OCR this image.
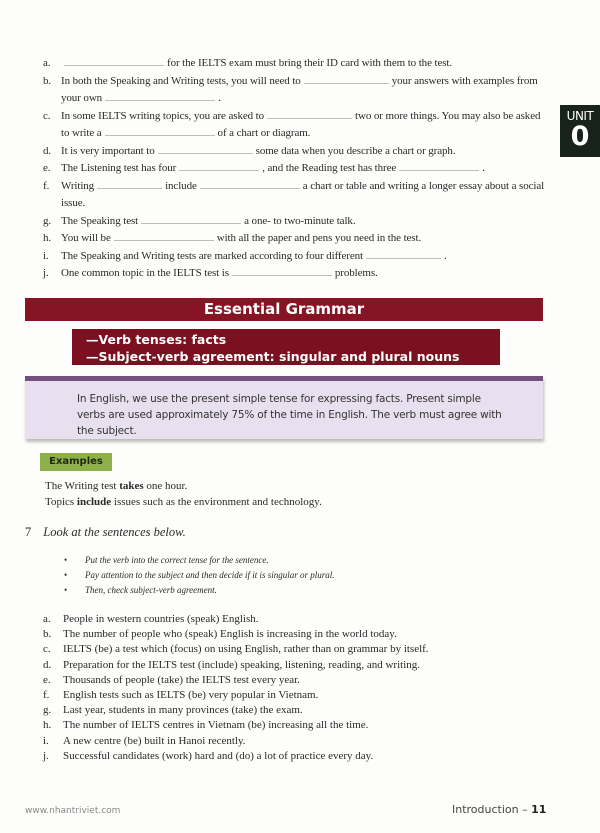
a.	for the IELTS exam must bring their ID card with them to the test.
b. In both the Speaking and Writing tests, you will need to	your answers with examples from your own	.
c. In some IELTS writing topics, you are asked to	two or more things. You may also be asked to write a	of a chart or diagram.
d. It is very important to	some data when you describe a chart or graph.
e. The Listening test has four	, and the Reading test has three	.
f. Writing	include	a chart or table and writing a longer essay about a social issue.
g. The Speaking test	a one- to two-minute talk.
h. You will be	with all the paper and pens you need in the test.
i. The Speaking and Writing tests are marked according to four different	.
j. One common topic in the IELTS test is	problems.
UNIT
0
Essential Grammar
—Verb tenses: facts
—Subject-verb agreement: singular and plural nouns

In English, we use the present simple tense for expressing facts. Present simple verbs are used approximately 75% of the time in English. The verb must agree with the subject.

Examples
The Writing test takes one hour.
Topics include issues such as the environment and technology.
7 Look at the sentences below.
• Put the verb into the correct tense for the sentence.
• Pay attention to the subject and then decide if it is singular or plural.
• Then, check subject-verb agreement.
a. People in western countries (speak) English.
b. The number of people who (speak) English is increasing in the world today.
c. IELTS (be) a test which (focus) on using English, rather than on grammar by itself.
d. Preparation for the IELTS test (include) speaking, listening, reading, and writing.
e. Thousands of people (take) the IELTS test every year.
f. English tests such as IELTS (be) very popular in Vietnam.
g. Last year, students in many provinces (take) the exam.
h. The number of IELTS centres in Vietnam (be) increasing all the time.
i. A new centre (be) built in Hanoi recently.
j. Successful candidates (work) hard and (do) a lot of practice every day.
www.nhantriviet.com	Introduction – 11
